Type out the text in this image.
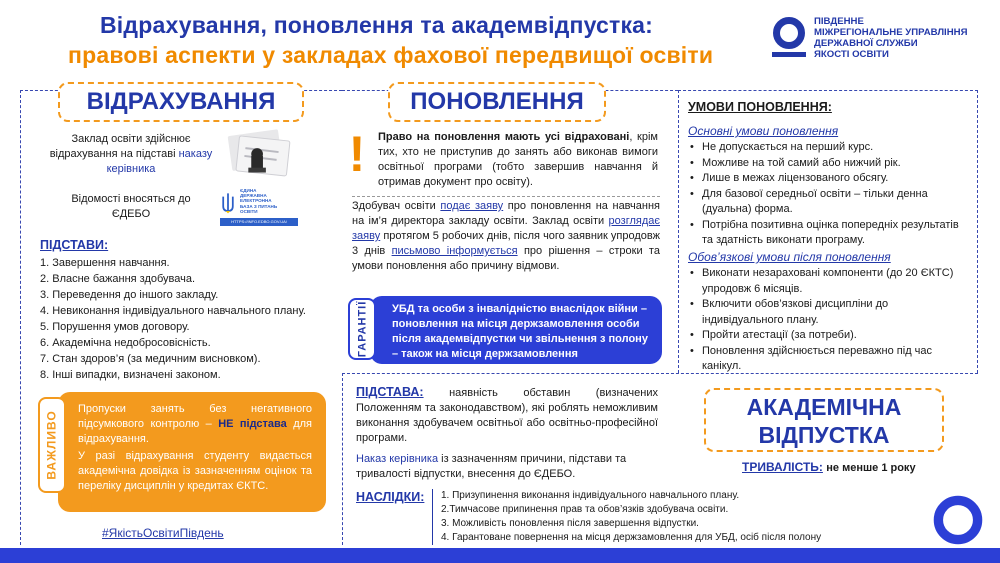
Відрахування, поновлення та академвідпустка:
правові аспекти у закладах фахової передвищої освіти
ПІВДЕННЕ
МІЖРЕГІОНАЛЬНЕ УПРАВЛІННЯ
ДЕРЖАВНОЇ СЛУЖБИ
ЯКОСТІ ОСВІТИ
ВІДРАХУВАННЯ
Заклад освіти здійснює відрахування на підставі наказу керівника
Відомості вносяться до ЄДЕБО
ЄДИНА
ДЕРЖАВНА
ЕЛЕКТРОННА
БАЗА З ПИТАНЬ
ОСВІТИ
HTTPS://INFO.EDBO.GOV.UA/
ПІДСТАВИ:
1. Завершення навчання.
2. Власне бажання здобувача.
3. Переведення до іншого закладу.
4. Невиконання індивідуального навчального плану.
5. Порушення умов договору.
6. Академічна недобросовісність.
7. Стан здоров’я (за медичним висновком).
8. Інші випадки, визначені законом.
Пропуски занять без негативного підсумкового контролю – НЕ підстава для відрахування.
У разі відрахування студенту видається академічна довідка із зазначенням оцінок та переліку дисциплін у кредитах ЄКТС.
ВАЖЛИВО
#ЯкістьОсвітиПівдень
ПОНОВЛЕННЯ
! Право на поновлення мають усі відраховані, крім тих, хто не приступив до занять або виконав вимоги освітньої програми (тобто завершив навчання й отримав документ про освіту).
Здобувач освіти подає заяву про поновлення на навчання на ім’я директора закладу освіти. Заклад освіти розглядає заяву протягом 5 робочих днів, після чого заявник упродовж 3 днів письмово інформується про рішення – строки та умови поновлення або причину відмови.
УБД та особи з інвалідністю внаслідок війни – поновлення на місця держзамовлення особи після академвідпустки чи звільнення з полону – також на місця держзамовлення
ГАРАНТІЇ
УМОВИ ПОНОВЛЕННЯ:
Основні умови поновлення
• Не допускається на перший курс.
• Можливе на той самий або нижчий рік.
• Лише в межах ліцензованого обсягу.
• Для базової середньої освіти – тільки денна (дуальна) форма.
• Потрібна позитивна оцінка попередніх результатів та здатність виконати програму.
Обов’язкові умови після поновлення
• Виконати незараховані компоненти (до 20 ЄКТС) упродовж 6 місяців.
• Включити обов’язкові дисципліни до індивідуального плану.
• Пройти атестації (за потреби).
• Поновлення здійснюється переважно під час канікул.
ПІДСТАВА: наявність обставин (визначених Положенням та законодавством), які роблять неможливим виконання здобувачем освітньої або освітньо-професійної програми.
Наказ керівника із зазначенням причини, підстави та тривалості відпустки, внесення до ЄДЕБО.
АКАДЕМІЧНА
ВІДПУСТКА
ТРИВАЛІСТЬ: не менше 1 року
НАСЛІДКИ: 1. Призупинення виконання індивідуального навчального плану.
2.Тимчасове припинення прав та обов’язків здобувача освіти.
3. Можливість поновлення після завершення відпустки.
4. Гарантоване повернення на місця держзамовлення для УБД, осіб після полону
